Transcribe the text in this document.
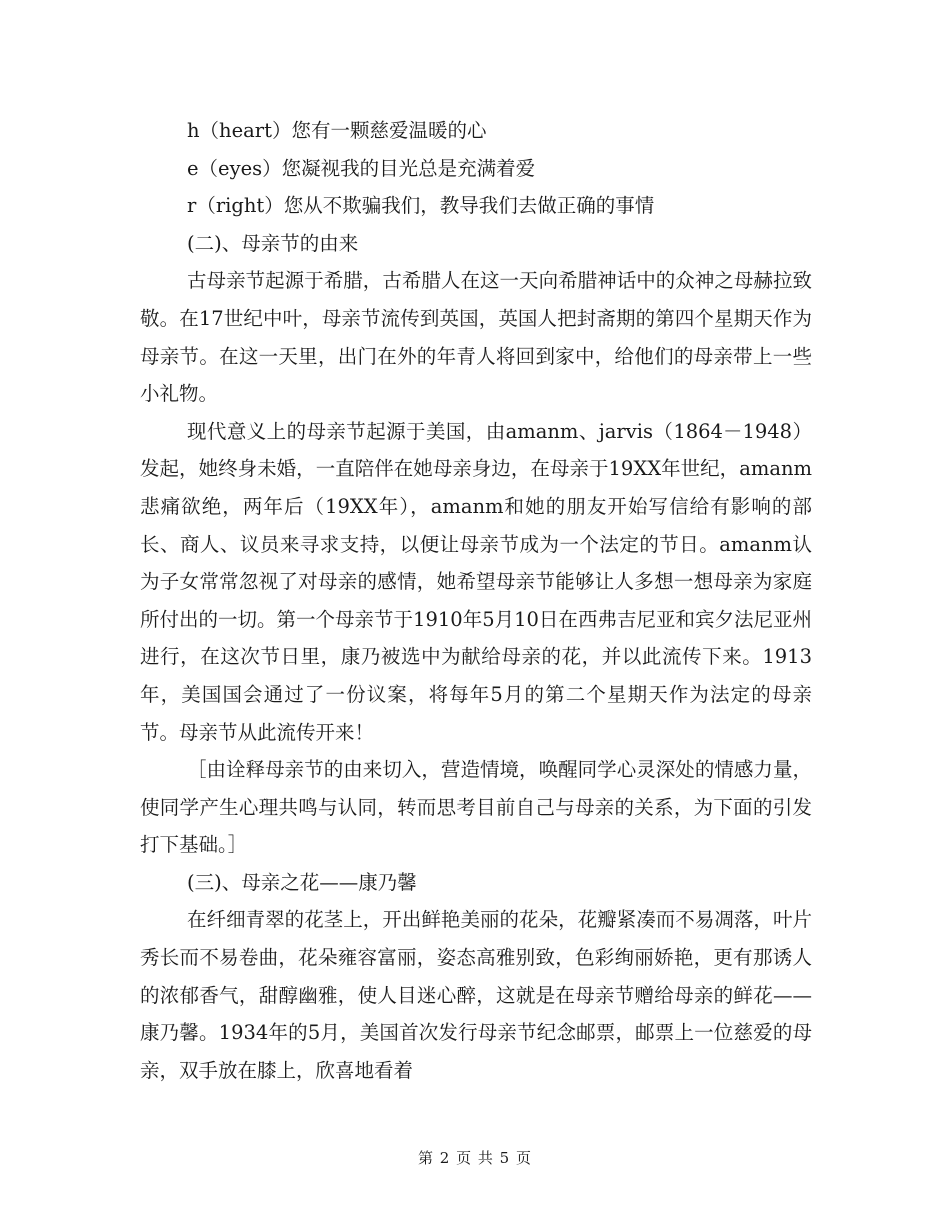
h（heart）您有一颗慈爱温暖的心
e（eyes）您凝视我的目光总是充满着爱
r（right）您从不欺骗我们，教导我们去做正确的事情
(二)、母亲节的由来

古母亲节起源于希腊，古希腊人在这一天向希腊神话中的众神之母赫拉致敬。在17世纪中叶，母亲节流传到英国，英国人把封斋期的第四个星期天作为母亲节。在这一天里，出门在外的年青人将回到家中，给他们的母亲带上一些小礼物。

现代意义上的母亲节起源于美国，由amanm、jarvis（1864－1948）发起，她终身未婚，一直陪伴在她母亲身边，在母亲于19XX年世纪，amanm悲痛欲绝，两年后（19XX年），amanm和她的朋友开始写信给有影响的部长、商人、议员来寻求支持，以便让母亲节成为一个法定的节日。amanm认为子女常常忽视了对母亲的感情，她希望母亲节能够让人多想一想母亲为家庭所付出的一切。第一个母亲节于1910年5月10日在西弗吉尼亚和宾夕法尼亚州进行，在这次节日里，康乃被选中为献给母亲的花，并以此流传下来。1913年，美国国会通过了一份议案，将每年5月的第二个星期天作为法定的母亲节。母亲节从此流传开来！

［由诠释母亲节的由来切入，营造情境，唤醒同学心灵深处的情感力量，使同学产生心理共鸣与认同，转而思考目前自己与母亲的关系，为下面的引发打下基础。］

(三)、母亲之花——康乃馨

在纤细青翠的花茎上，开出鲜艳美丽的花朵，花瓣紧凑而不易凋落，叶片秀长而不易卷曲，花朵雍容富丽，姿态高雅别致，色彩绚丽娇艳，更有那诱人的浓郁香气，甜醇幽雅，使人目迷心醉，这就是在母亲节赠给母亲的鲜花——康乃馨。1934年的5月，美国首次发行母亲节纪念邮票，邮票上一位慈爱的母亲，双手放在膝上，欣喜地看着

第 2 页 共 5 页
